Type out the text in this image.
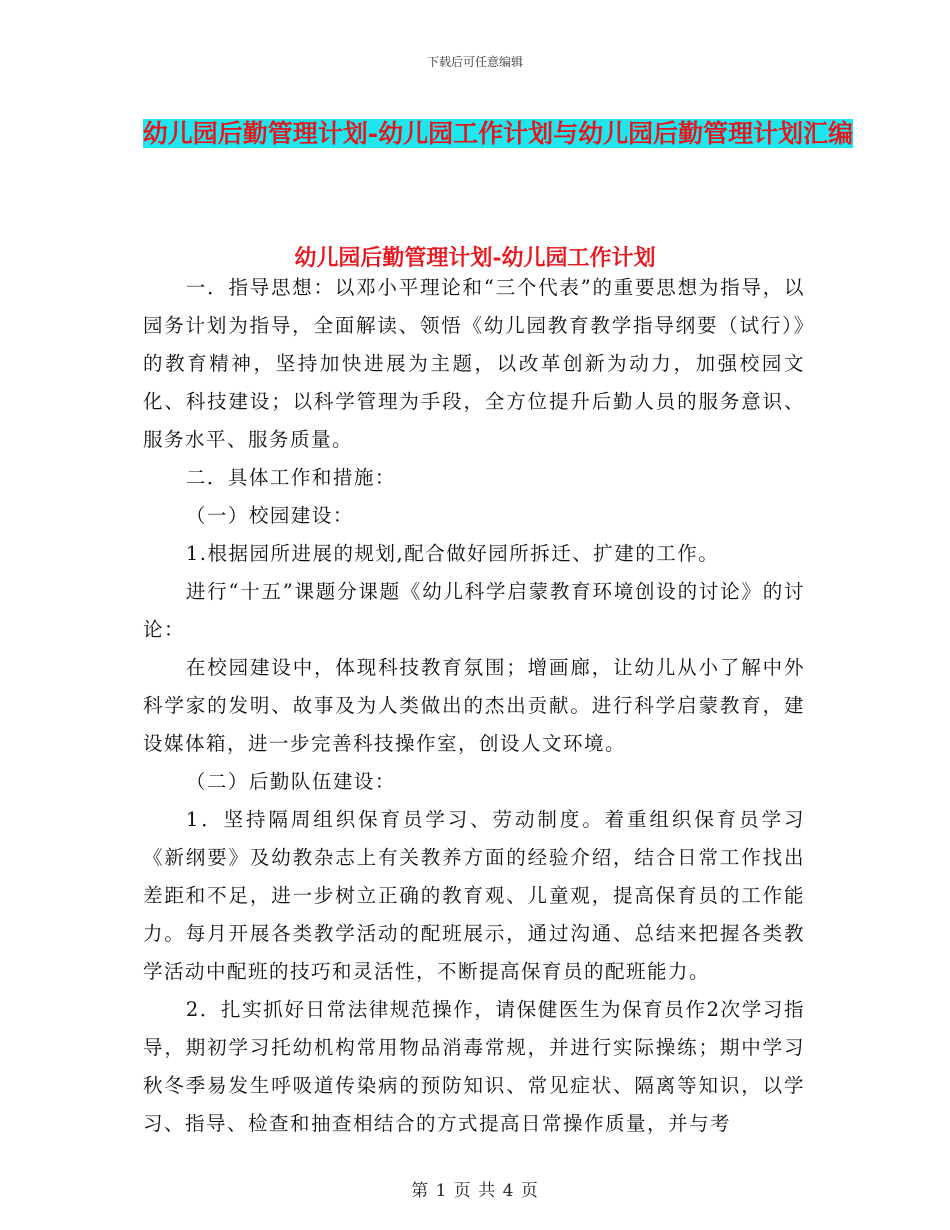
下载后可任意编辑
幼儿园后勤管理计划-幼儿园工作计划与幼儿园后勤管理计划汇编
幼儿园后勤管理计划-幼儿园工作计划

一．指导思想：以邓小平理论和“三个代表”的重要思想为指导，以园务计划为指导，全面解读、领悟《幼儿园教育教学指导纲要（试行）》的教育精神，坚持加快进展为主题，以改革创新为动力，加强校园文化、科技建设；以科学管理为手段，全方位提升后勤人员的服务意识、服务水平、服务质量。

二．具体工作和措施：

（一）校园建设：

1.根据园所进展的规划,配合做好园所拆迁、扩建的工作。

进行“十五”课题分课题《幼儿科学启蒙教育环境创设的讨论》的讨论：

在校园建设中，体现科技教育氛围；增画廊，让幼儿从小了解中外科学家的发明、故事及为人类做出的杰出贡献。进行科学启蒙教育，建设媒体箱，进一步完善科技操作室，创设人文环境。

（二）后勤队伍建设：

1．坚持隔周组织保育员学习、劳动制度。着重组织保育员学习《新纲要》及幼教杂志上有关教养方面的经验介绍，结合日常工作找出差距和不足，进一步树立正确的教育观、儿童观，提高保育员的工作能力。每月开展各类教学活动的配班展示，通过沟通、总结来把握各类教学活动中配班的技巧和灵活性，不断提高保育员的配班能力。

2．扎实抓好日常法律规范操作，请保健医生为保育员作2次学习指导，期初学习托幼机构常用物品消毒常规，并进行实际操练；期中学习秋冬季易发生呼吸道传染病的预防知识、常见症状、隔离等知识，以学习、指导、检查和抽查相结合的方式提高日常操作质量，并与考

第 1 页 共 4 页
